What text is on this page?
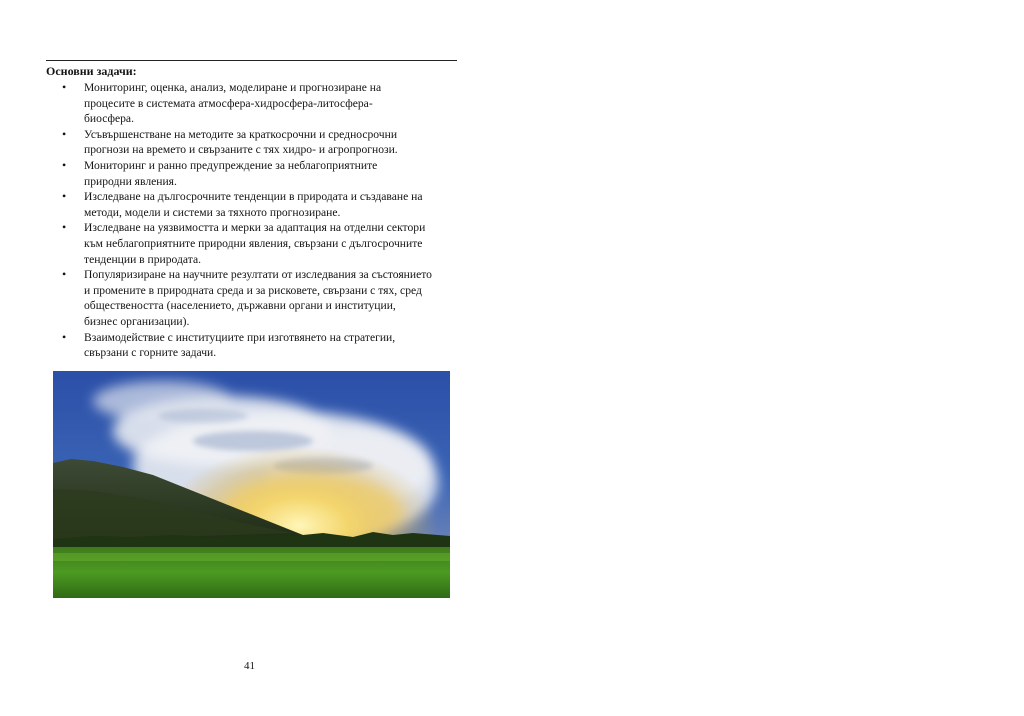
Основни задачи:
• Мониторинг, оценка, анализ, моделиране и прогнозиране на
процесите в системата атмосфера-хидросфера-литосфера-
биосфера.
• Усъвършенстване на методите за краткосрочни и средносрочни
прогнози на времето и свързаните с тях хидро- и агропрогнози.
• Мониторинг и ранно предупреждение за неблагоприятните
природни явления.
• Изследване на дългосрочните тенденции в природата и създаване на
методи, модели и системи за тяхното прогнозиране.
• Изследване на уязвимостта и мерки за адаптация на отделни сектори
към неблагоприятните природни явления, свързани с дългосрочните
тенденции в природата.
• Популяризиране на научните резултати от изследвания за състоянието
и промените в природната среда и за рисковете, свързани с тях, сред
обществеността (населението, държавни органи и институции,
бизнес организации).
• Взаимодействие с институциите при изготвянето на стратегии,
свързани с горните задачи.
41
